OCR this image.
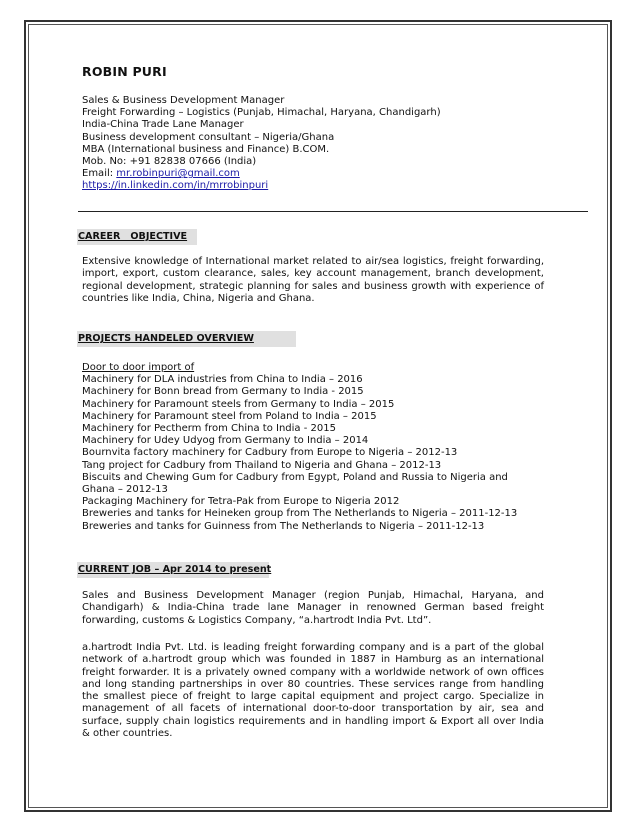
ROBIN PURI
Sales & Business Development Manager
Freight Forwarding – Logistics (Punjab, Himachal, Haryana, Chandigarh)
India-China Trade Lane Manager
Business development consultant – Nigeria/Ghana
MBA (International business and Finance) B.COM.
Mob. No: +91 82838 07666 (India)
Email: mr.robinpuri@gmail.com
https://in.linkedin.com/in/mrrobinpuri
CAREER   OBJECTIVE
Extensive knowledge of International market related to air/sea logistics, freight forwarding, import, export, custom clearance, sales, key account management, branch development, regional development, strategic planning for sales and business growth with experience of countries like India, China, Nigeria and Ghana.
PROJECTS HANDELED OVERVIEW
Door to door import of
Machinery for DLA industries from China to India – 2016
Machinery for Bonn bread from Germany to India - 2015
Machinery for Paramount steels from Germany to India – 2015
Machinery for Paramount steel from Poland to India – 2015
Machinery for Pectherm from China to India - 2015
Machinery for Udey Udyog from Germany to India – 2014
Bournvita factory machinery for Cadbury from Europe to Nigeria – 2012-13
Tang project for Cadbury from Thailand to Nigeria and Ghana – 2012-13
Biscuits and Chewing Gum for Cadbury from Egypt, Poland and Russia to Nigeria and
Ghana – 2012-13
Packaging Machinery for Tetra-Pak from Europe to Nigeria 2012
Breweries and tanks for Heineken group from The Netherlands to Nigeria – 2011-12-13
Breweries and tanks for Guinness from The Netherlands to Nigeria – 2011-12-13
CURRENT JOB – Apr 2014 to present
Sales and Business Development Manager (region Punjab, Himachal, Haryana, and Chandigarh) & India-China trade lane Manager in renowned German based freight forwarding, customs & Logistics Company, “a.hartrodt India Pvt. Ltd”.
a.hartrodt India Pvt. Ltd. is leading freight forwarding company and is a part of the global network of a.hartrodt group which was founded in 1887 in Hamburg as an international freight forwarder. It is a privately owned company with a worldwide network of own offices and long standing partnerships in over 80 countries. These services range from handling the smallest piece of freight to large capital equipment and project cargo. Specialize in management of all facets of international door-to-door transportation by air, sea and surface, supply chain logistics requirements and in handling import & Export all over India & other countries.
